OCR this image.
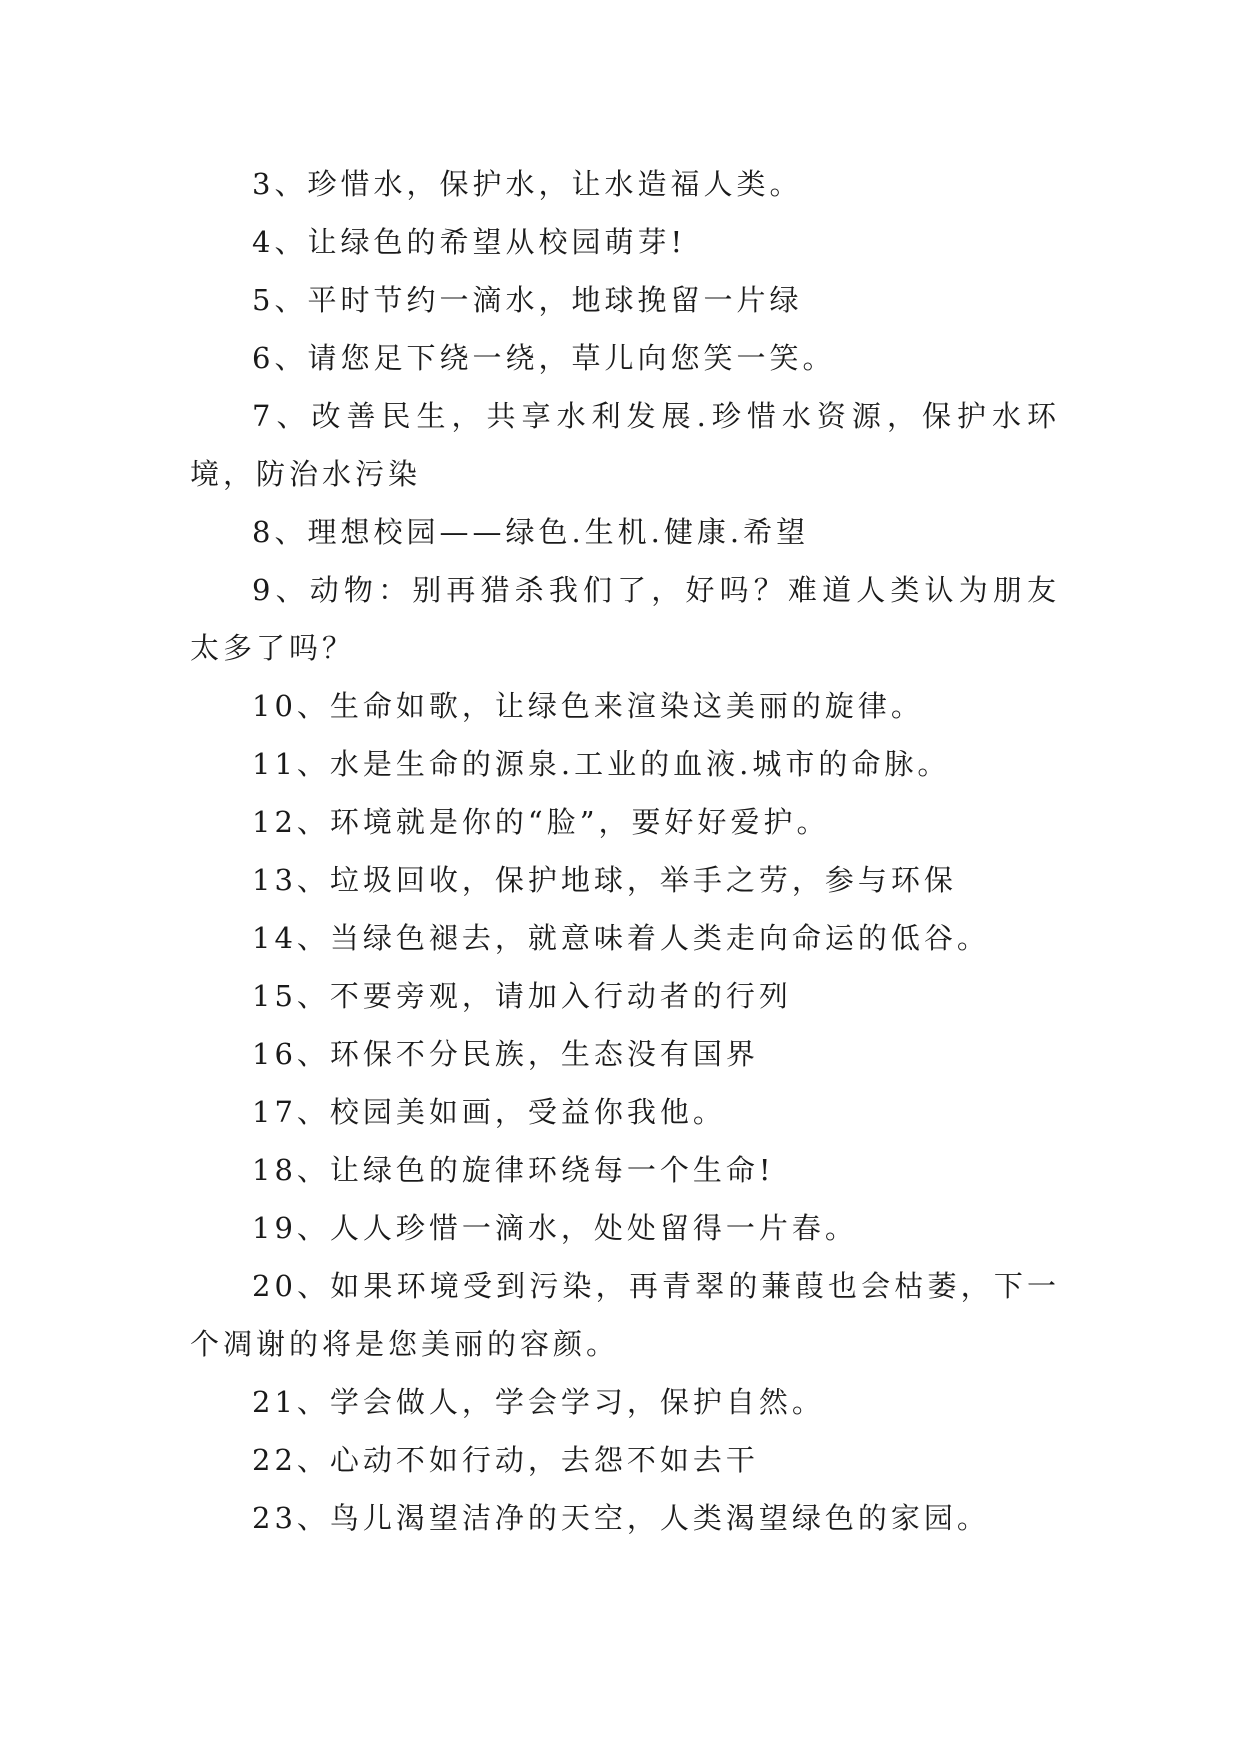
3、珍惜水，保护水，让水造福人类。

4、让绿色的希望从校园萌芽!

5、平时节约一滴水，地球挽留一片绿

6、请您足下绕一绕，草儿向您笑一笑。

7、改善民生，共享水利发展.珍惜水资源，保护水环境，防治水污染

8、理想校园——绿色.生机.健康.希望

9、动物：别再猎杀我们了，好吗？难道人类认为朋友太多了吗？

10、生命如歌，让绿色来渲染这美丽的旋律。

11、水是生命的源泉.工业的血液.城市的命脉。

12、环境就是你的“脸”，要好好爱护。

13、垃圾回收，保护地球，举手之劳，参与环保

14、当绿色褪去，就意味着人类走向命运的低谷。

15、不要旁观，请加入行动者的行列

16、环保不分民族，生态没有国界

17、校园美如画，受益你我他。

18、让绿色的旋律环绕每一个生命!

19、人人珍惜一滴水，处处留得一片春。

20、如果环境受到污染，再青翠的蒹葭也会枯萎，下一个凋谢的将是您美丽的容颜。

21、学会做人，学会学习，保护自然。

22、心动不如行动，去怨不如去干

23、鸟儿渴望洁净的天空，人类渴望绿色的家园。
